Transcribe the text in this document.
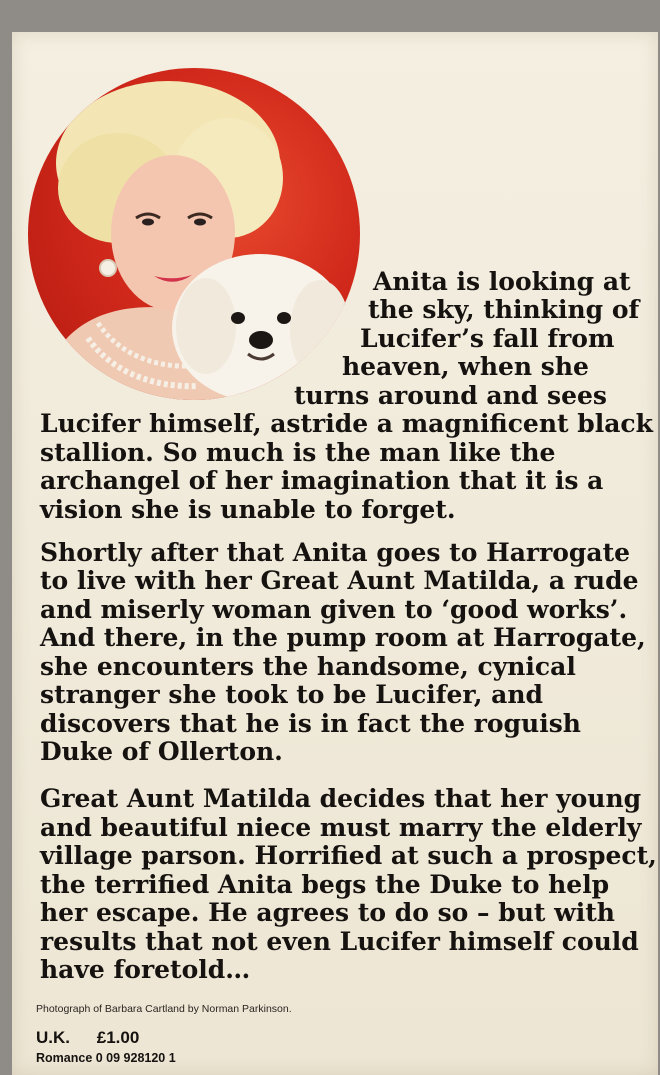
Anita is looking at
the sky, thinking of
Lucifer’s fall from
heaven, when she
turns around and sees
Lucifer himself, astride a magnificent black
stallion. So much is the man like the
archangel of her imagination that it is a
vision she is unable to forget.
Shortly after that Anita goes to Harrogate
to live with her Great Aunt Matilda, a rude
and miserly woman given to ‘good works’.
And there, in the pump room at Harrogate,
she encounters the handsome, cynical
stranger she took to be Lucifer, and
discovers that he is in fact the roguish
Duke of Ollerton.
Great Aunt Matilda decides that her young
and beautiful niece must marry the elderly
village parson. Horrified at such a prospect,
the terrified Anita begs the Duke to help
her escape. He agrees to do so – but with
results that not even Lucifer himself could
have foretold…
Photograph of Barbara Cartland by Norman Parkinson.
U.K. £1.00
Romance 0 09 928120 1
